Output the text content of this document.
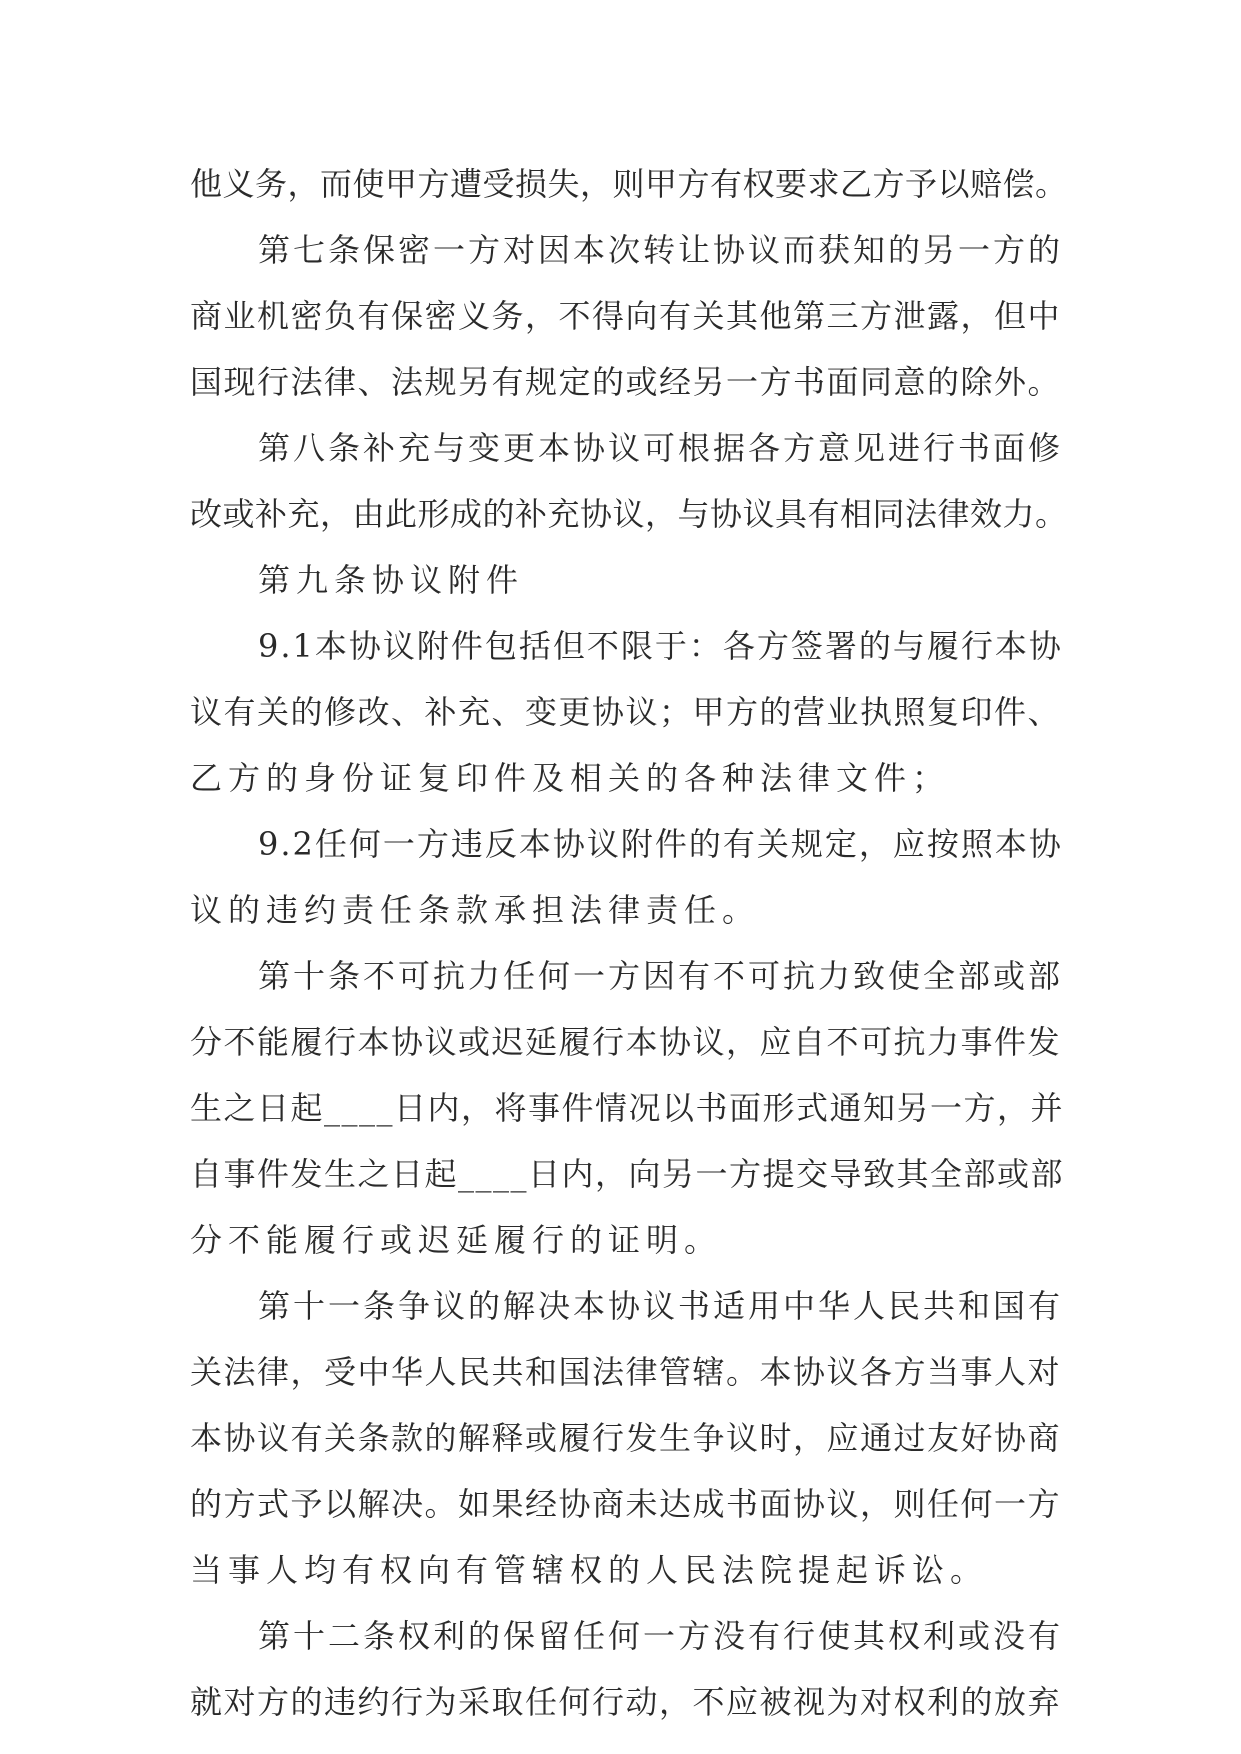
他义务，而使甲方遭受损失，则甲方有权要求乙方予以赔偿。
第七条保密一方对因本次转让协议而获知的另一方的
商业机密负有保密义务，不得向有关其他第三方泄露，但中
国现行法律、法规另有规定的或经另一方书面同意的除外。
第八条补充与变更本协议可根据各方意见进行书面修
改或补充，由此形成的补充协议，与协议具有相同法律效力。
第九条协议附件
9.1本协议附件包括但不限于：各方签署的与履行本协
议有关的修改、补充、变更协议；甲方的营业执照复印件、
乙方的身份证复印件及相关的各种法律文件；
9.2任何一方违反本协议附件的有关规定，应按照本协
议的违约责任条款承担法律责任。
第十条不可抗力任何一方因有不可抗力致使全部或部
分不能履行本协议或迟延履行本协议，应自不可抗力事件发
生之日起____日内，将事件情况以书面形式通知另一方，并
自事件发生之日起____日内，向另一方提交导致其全部或部
分不能履行或迟延履行的证明。
第十一条争议的解决本协议书适用中华人民共和国有
关法律，受中华人民共和国法律管辖。本协议各方当事人对
本协议有关条款的解释或履行发生争议时，应通过友好协商
的方式予以解决。如果经协商未达成书面协议，则任何一方
当事人均有权向有管辖权的人民法院提起诉讼。
第十二条权利的保留任何一方没有行使其权利或没有
就对方的违约行为采取任何行动，不应被视为对权利的放弃
